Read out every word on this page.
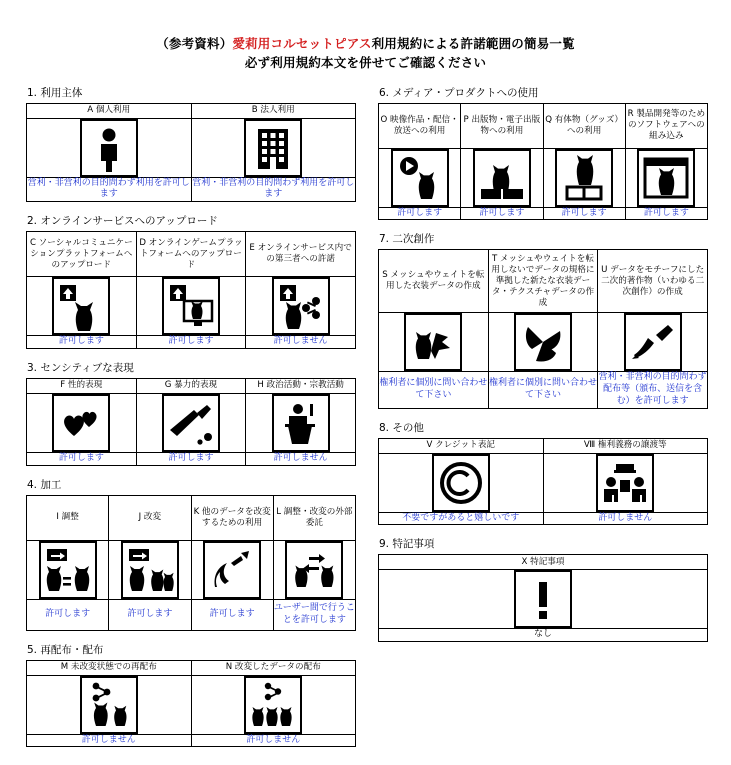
（参考資料）愛莉用コルセットピアス利用規約による許諾範囲の簡易一覧
必ず利用規約本文を併せてご確認ください
1. 利用主体
A 個人利用	B 法人利用

営利・非営利の目的問わず利用を許可します	営利・非営利の目的問わず利用を許可します
2. オンラインサービスへのアップロード
C ソーシャルコミュニケーションプラットフォームへのアップロード	D オンラインゲームプラットフォームへのアップロード	E オンラインサービス内での第三者への許諾

許可します	許可します	許可しません
3. センシティブな表現
F 性的表現	G 暴力的表現	H 政治活動・宗教活動

許可します	許可します	許可しません
4. 加工
I 調整	J 改変	K 他のデータを改変するための利用	L 調整・改変の外部委託

許可します	許可します	許可します	ユーザー間で行うことを許可します
5. 再配布・配布
M 未改変状態での再配布	N 改変したデータの配布

許可しません	許可しません
6. メディア・プロダクトへの使用
O 映像作品・配信・放送への利用	P 出版物・電子出版物への利用	Q 有体物（グッズ）への利用	R 製品開発等のためのソフトウェアへの組み込み

許可します	許可します	許可します	許可します
7. 二次創作
S メッシュやウェイトを転用した衣装データの作成	T メッシュやウェイトを転用しないでデータの規格に準拠した新たな衣装データ・テクスチャデータの作成	U データをモチーフにした二次的著作物（いわゆる二次創作）の作成

権利者に個別に問い合わせて下さい	権利者に個別に問い合わせて下さい	営利・非営利の目的問わず配布等（頒布、送信を含む）を許可します
8. その他
V クレジット表記	Ⅷ 権利義務の譲渡等

不要ですがあると嬉しいです	許可しません
9. 特記事項
X 特記事項

なし
